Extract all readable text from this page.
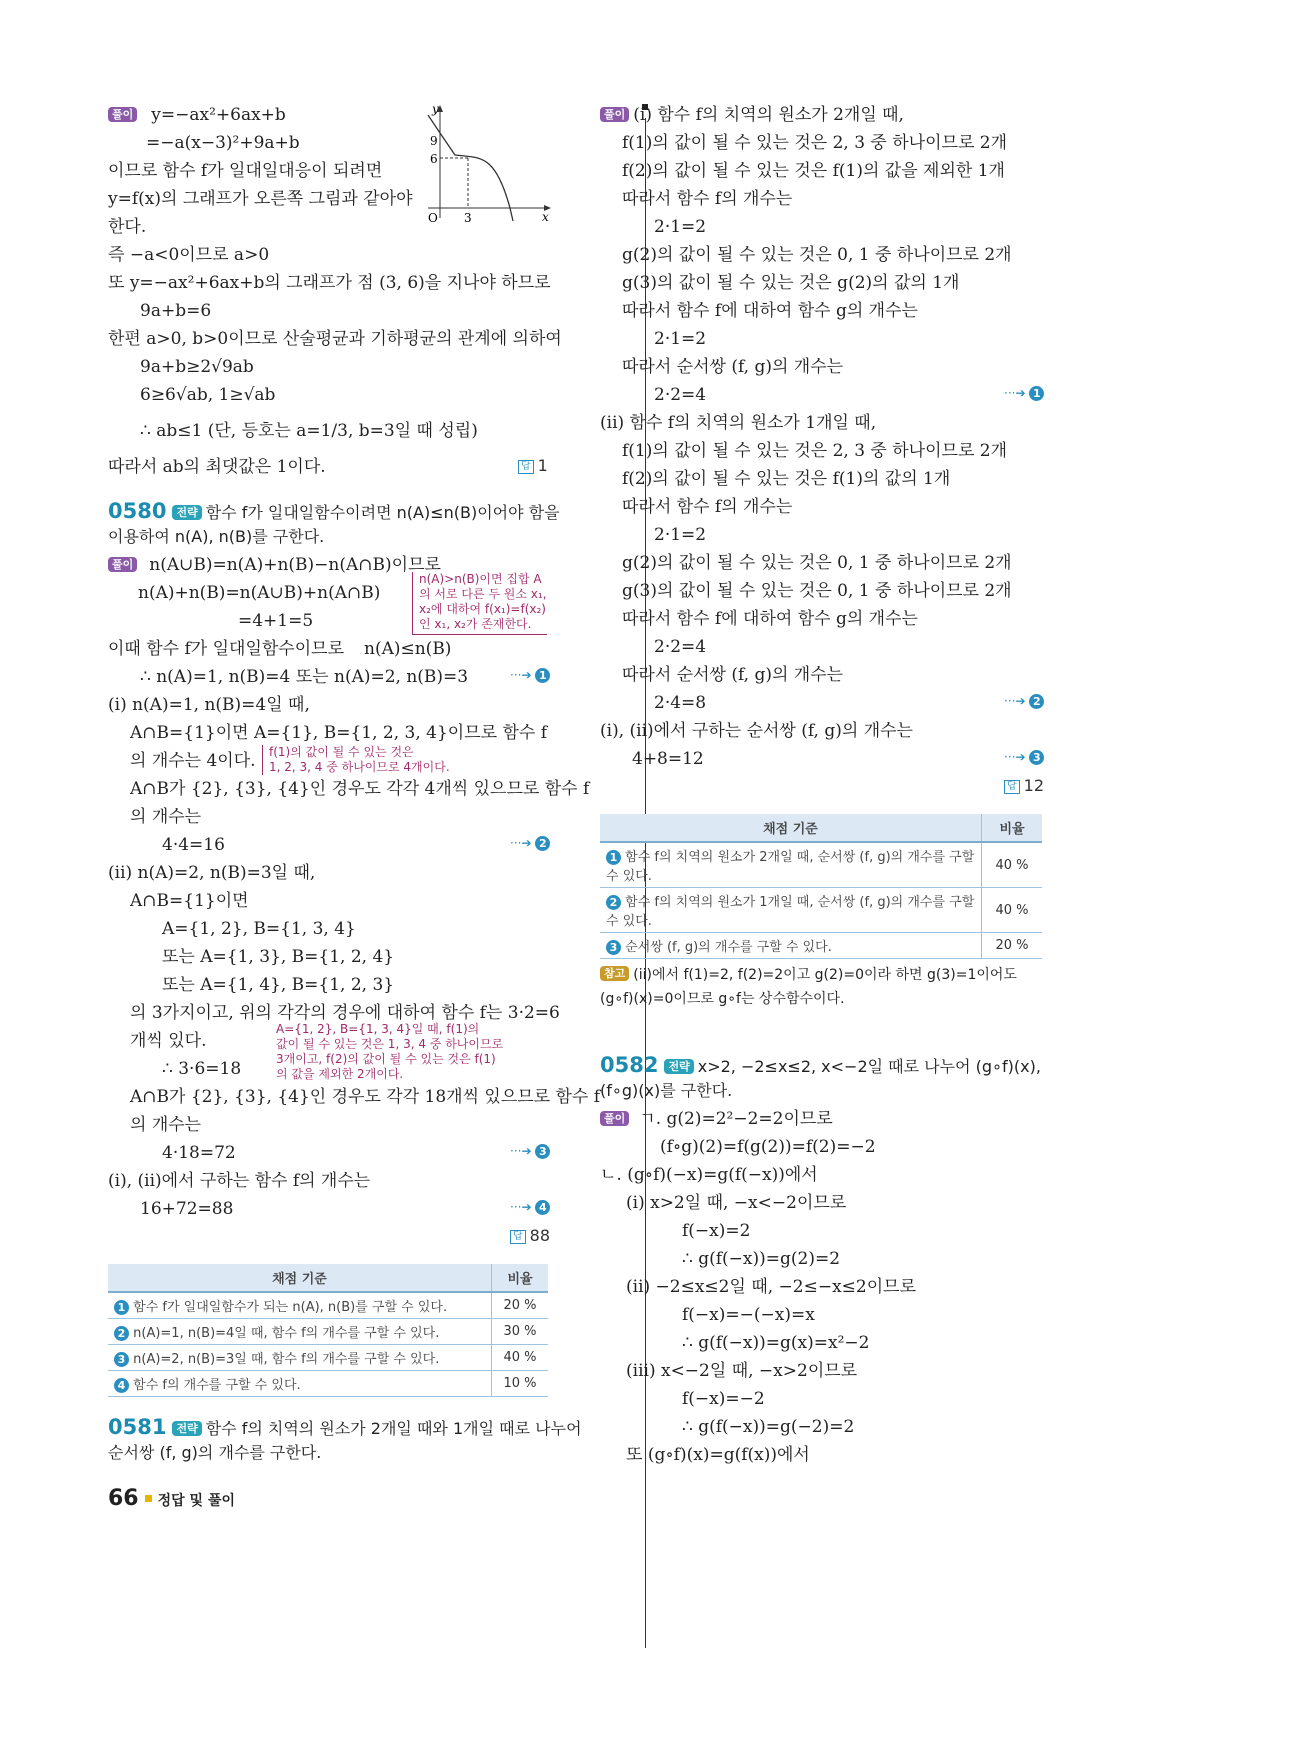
풀이 y=−ax²+6ax+b
=−a(x−3)²+9a+b
이므로 함수 f가 일대일대응이 되려면
y=f(x)의 그래프가 오른쪽 그림과 같아야
한다.
y
x
O
9
6
3
즉 −a<0이므로 a>0
또 y=−ax²+6ax+b의 그래프가 점 (3, 6)을 지나야 하므로
9a+b=6
한편 a>0, b>0이므로 산술평균과 기하평균의 관계에 의하여
9a+b≥2√9ab
6≥6√ab, 1≥√ab
∴ ab≤1 (단, 등호는 a=1/3, b=3일 때 성립)
따라서 ab의 최댓값은 1이다.	답 1
0580 전략 함수 f가 일대일함수이려면 n(A)≤n(B)이어야 함을
이용하여 n(A), n(B)를 구한다.
풀이 n(A∪B)=n(A)+n(B)−n(A∩B)이므로
n(A)+n(B)=n(A∪B)+n(A∩B)
=4+1=5
이때 함수 f가 일대일함수이므로 n(A)≤n(B)
n(A)>n(B)이면 집합 A
의 서로 다른 두 원소 x₁,
x₂에 대하여 f(x₁)=f(x₂)
인 x₁, x₂가 존재한다.
∴ n(A)=1, n(B)=4 또는 n(A)=2, n(B)=3	···➔ 1
(i) n(A)=1, n(B)=4일 때,
A∩B={1}이면 A={1}, B={1, 2, 3, 4}이므로 함수 f
의 개수는 4이다. f(1)의 값이 될 수 있는 것은
1, 2, 3, 4 중 하나이므로 4개이다.
A∩B가 {2}, {3}, {4}인 경우도 각각 4개씩 있으므로 함수 f
의 개수는
4·4=16	···➔ 2
(ii) n(A)=2, n(B)=3일 때,
A∩B={1}이면
A={1, 2}, B={1, 3, 4}
또는 A={1, 3}, B={1, 2, 4}
또는 A={1, 4}, B={1, 2, 3}
의 3가지이고, 위의 각각의 경우에 대하여 함수 f는 3·2=6
개씩 있다.
A={1, 2}, B={1, 3, 4}일 때, f(1)의
값이 될 수 있는 것은 1, 3, 4 중 하나이므로
3개이고, f(2)의 값이 될 수 있는 것은 f(1)
의 값을 제외한 2개이다.
∴ 3·6=18
A∩B가 {2}, {3}, {4}인 경우도 각각 18개씩 있으므로 함수 f
의 개수는
4·18=72	···➔ 3
(i), (ii)에서 구하는 함수 f의 개수는
16+72=88	···➔ 4
답 88
채점 기준	비율
1 함수 f가 일대일함수가 되는 n(A), n(B)를 구할 수 있다.	20 %
2 n(A)=1, n(B)=4일 때, 함수 f의 개수를 구할 수 있다.	30 %
3 n(A)=2, n(B)=3일 때, 함수 f의 개수를 구할 수 있다.	40 %
4 함수 f의 개수를 구할 수 있다.	10 %
0581 전략 함수 f의 치역의 원소가 2개일 때와 1개일 때로 나누어
순서쌍 (f, g)의 개수를 구한다.
풀이 (i) 함수 f의 치역의 원소가 2개일 때,
f(1)의 값이 될 수 있는 것은 2, 3 중 하나이므로 2개
f(2)의 값이 될 수 있는 것은 f(1)의 값을 제외한 1개
따라서 함수 f의 개수는
2·1=2
g(2)의 값이 될 수 있는 것은 0, 1 중 하나이므로 2개
g(3)의 값이 될 수 있는 것은 g(2)의 값의 1개
따라서 함수 f에 대하여 함수 g의 개수는
2·1=2
따라서 순서쌍 (f, g)의 개수는
2·2=4	···➔ 1
(ii) 함수 f의 치역의 원소가 1개일 때,
f(1)의 값이 될 수 있는 것은 2, 3 중 하나이므로 2개
f(2)의 값이 될 수 있는 것은 f(1)의 값의 1개
따라서 함수 f의 개수는
2·1=2
g(2)의 값이 될 수 있는 것은 0, 1 중 하나이므로 2개
g(3)의 값이 될 수 있는 것은 0, 1 중 하나이므로 2개
따라서 함수 f에 대하여 함수 g의 개수는
2·2=4
따라서 순서쌍 (f, g)의 개수는
2·4=8	···➔ 2
(i), (ii)에서 구하는 순서쌍 (f, g)의 개수는
4+8=12	···➔ 3
답 12
채점 기준	비율
1 함수 f의 치역의 원소가 2개일 때, 순서쌍 (f, g)의 개수를 구할 수 있다.	40 %
2 함수 f의 치역의 원소가 1개일 때, 순서쌍 (f, g)의 개수를 구할 수 있다.	40 %
3 순서쌍 (f, g)의 개수를 구할 수 있다.	20 %
참고 (ii)에서 f(1)=2, f(2)=2이고 g(2)=0이라 하면 g(3)=1이어도
(g∘f)(x)=0이므로 g∘f는 상수함수이다.
0582 전략 x>2, −2≤x≤2, x<−2일 때로 나누어 (g∘f)(x),
(f∘g)(x)를 구한다.
풀이 ㄱ. g(2)=2²−2=2이므로
(f∘g)(2)=f(g(2))=f(2)=−2
ㄴ. (g∘f)(−x)=g(f(−x))에서
(i) x>2일 때, −x<−2이므로
f(−x)=2
∴ g(f(−x))=g(2)=2
(ii) −2≤x≤2일 때, −2≤−x≤2이므로
f(−x)=−(−x)=x
∴ g(f(−x))=g(x)=x²−2
(iii) x<−2일 때, −x>2이므로
f(−x)=−2
∴ g(f(−x))=g(−2)=2
또 (g∘f)(x)=g(f(x))에서
66 정답 및 풀이
